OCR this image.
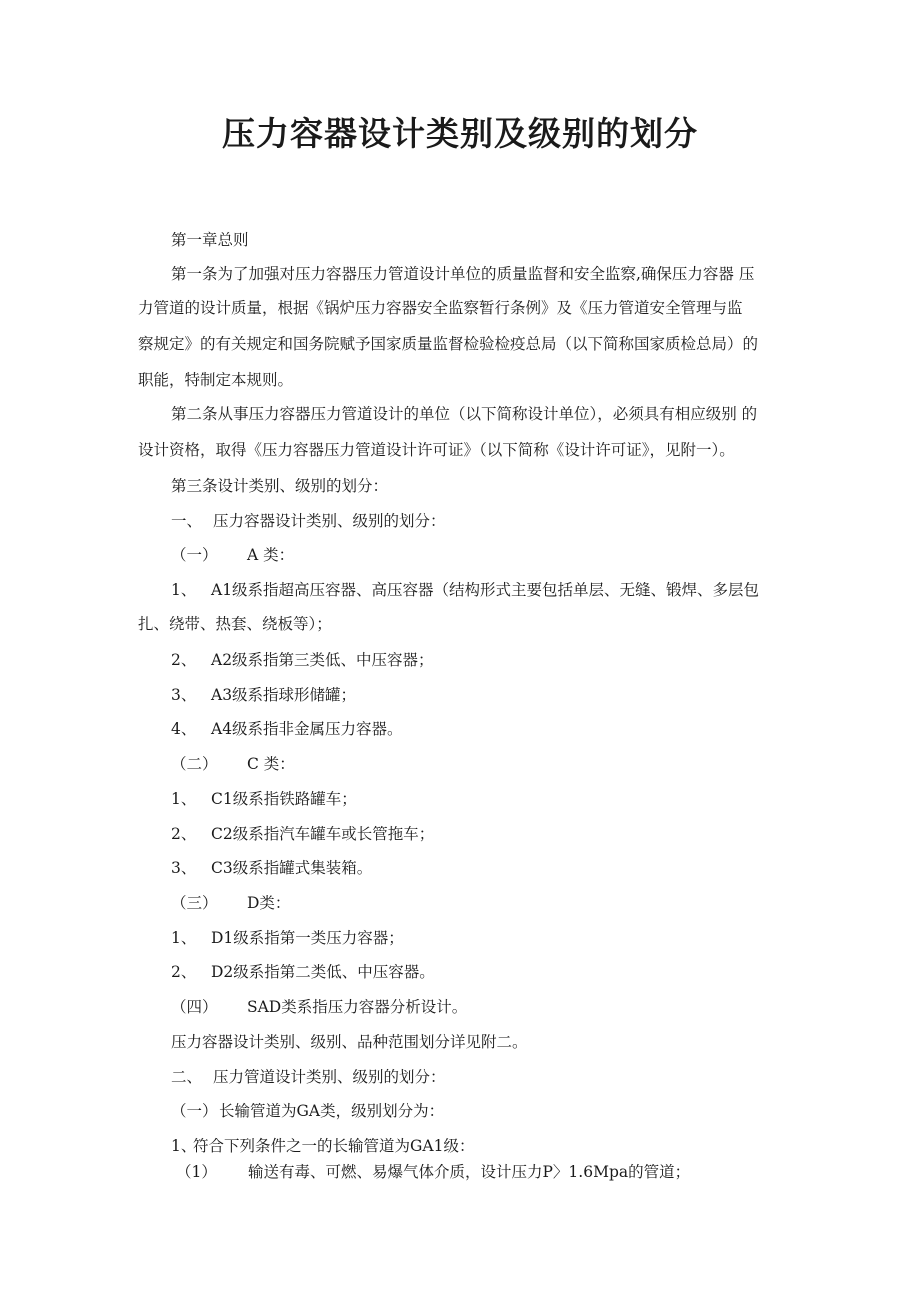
压力容器设计类别及级别的划分
第一章总则
第一条为了加强对压力容器压力管道设计单位的质量监督和安全监察,确保压力容器 压
力管道的设计质量，根据《锅炉压力容器安全监察暂行条例》及《压力管道安全管理与监
察规定》的有关规定和国务院赋予国家质量监督检验检疫总局（以下简称国家质检总局）的
职能，特制定本规则。
第二条从事压力容器压力管道设计的单位（以下简称设计单位），必须具有相应级别 的
设计资格，取得《压力容器压力管道设计许可证》（以下简称《设计许可证》，见附一）。
第三条设计类别、级别的划分：
一、 压力容器设计类别、级别的划分：
（一） A 类：
1、 A1级系指超高压容器、高压容器（结构形式主要包括单层、无缝、锻焊、多层包
扎、绕带、热套、绕板等）；
2、 A2级系指第三类低、中压容器；
3、 A3级系指球形储罐；
4、 A4级系指非金属压力容器。
（二） C 类：
1、 C1级系指铁路罐车；
2、 C2级系指汽车罐车或长管拖车；
3、 C3级系指罐式集装箱。
（三） D类：
1、 D1级系指第一类压力容器；
2、 D2级系指第二类低、中压容器。
（四） SAD类系指压力容器分析设计。
压力容器设计类别、级别、品种范围划分详见附二。
二、 压力管道设计类别、级别的划分：
（一）长输管道为GA类，级别划分为：
1、符合下列条件之一的长输管道为GA1级：
（1） 输送有毒、可燃、易爆气体介质，设计压力P〉1.6Mpa的管道；
